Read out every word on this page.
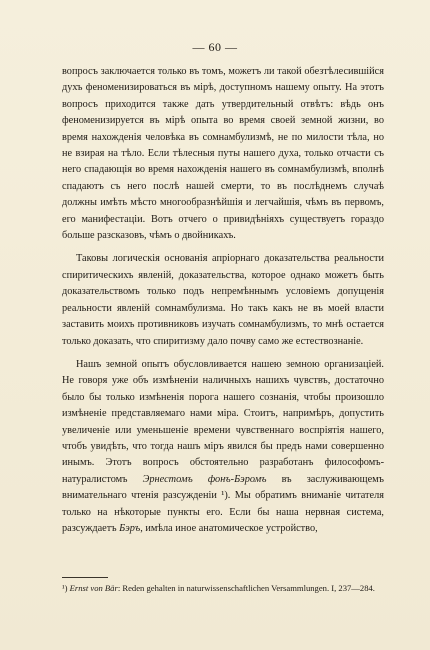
— 60 —

вопросъ заключается только въ томъ, можетъ ли такой обезтѣлесившійся духъ феноменизироваться въ мірѣ, доступномъ нашему опыту. На этотъ вопросъ приходится также дать утвердительный отвѣтъ: вѣдь онъ феноменизируется въ мірѣ опыта во время своей земной жизни, во время нахожденія человѣка въ сомнамбулизмѣ, не по милости тѣла, но не взирая на тѣло. Если тѣлесныя путы нашего духа, только отчасти съ него спадающія во время нахожденія нашего въ сомнамбулизмѣ, вполнѣ спадаютъ съ него послѣ нашей смерти, то въ послѣднемъ случаѣ должны имѣть мѣсто многообразнѣйшія и легчайшія, чѣмъ въ первомъ, его манифестаціи. Вотъ отчего о привидѣніяхъ существуетъ гораздо больше разсказовъ, чѣмъ о двойникахъ.

Таковы логическія основанія апріорнаго доказательства реальности спиритическихъ явленій, доказательства, которое однако можетъ быть доказательствомъ только подъ непремѣннымъ условіемъ допущенія реальности явленій сомнамбулизма. Но такъ какъ не въ моей власти заставить моихъ противниковъ изучать сомнамбулизмъ, то мнѣ остается только доказать, что спиритизму дало почву само же естествознаніе.

Нашъ земной опытъ обусловливается нашею земною организаціей. Не говоря уже объ измѣненіи наличныхъ нашихъ чувствъ, достаточно было бы только измѣненія порога нашего сознанія, чтобы произошло измѣненіе представляемаго нами міра. Стоитъ, напримѣръ, допустить увеличеніе или уменьшеніе времени чувственнаго воспріятія нашего, чтобъ увидѣть, что тогда нашъ міръ явился бы предъ нами совершенно инымъ. Этотъ вопросъ обстоятельно разработанъ философомъ-натуралистомъ Эрнестомъ фонъ-Бэромъ въ заслуживающемъ внимательнаго чтенія разсужденіи ¹). Мы обратимъ вниманіе читателя только на нѣкоторые пункты его. Если бы наша нервная система, разсуждаетъ Бэръ, имѣла иное анатомическое устройство,

¹) Ernst von Bär: Reden gehalten in naturwissenschaftlichen Versammlungen. I, 237—284.
